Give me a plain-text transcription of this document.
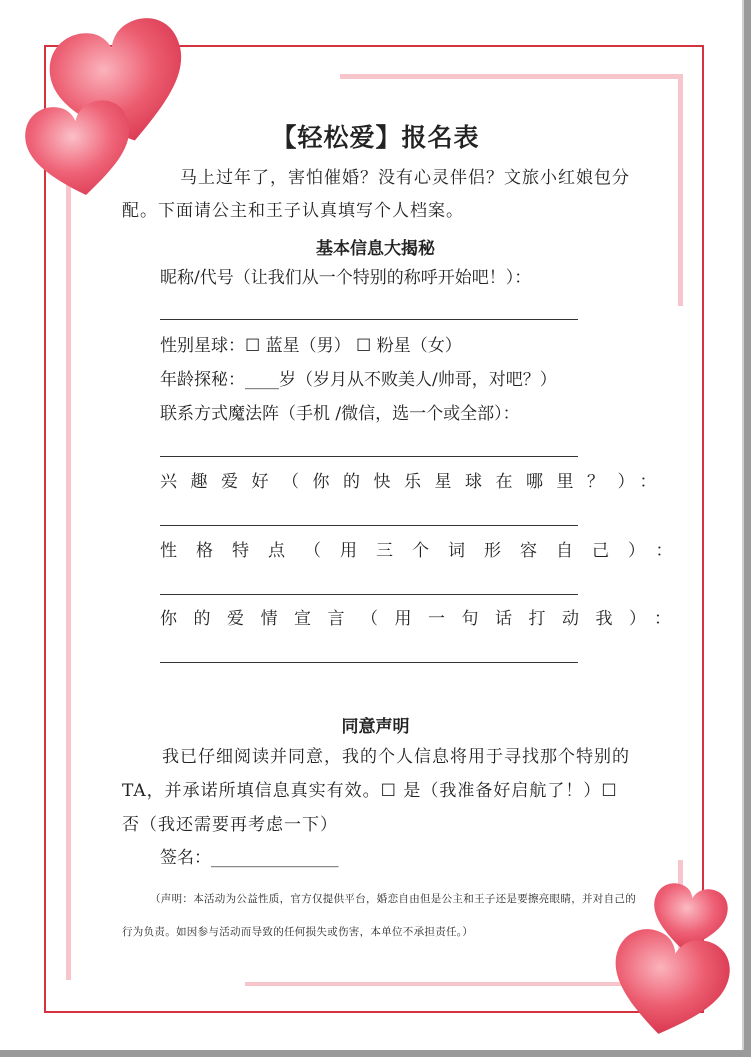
【轻松爱】报名表
马上过年了，害怕催婚？没有心灵伴侣？文旅小红娘包分配。下面请公主和王子认真填写个人档案。
基本信息大揭秘
昵称/代号（让我们从一个特别的称呼开始吧！）：
性别星球：☐ 蓝星（男） ☐ 粉星（女）
年龄探秘：____岁（岁月从不败美人/帅哥，对吧？）
联系方式魔法阵（手机 /微信，选一个或全部）：
兴趣爱好（你的快乐星球在哪里？）：
性格特点（用三个词形容自己）：
你的爱情宣言（用一句话打动我）：
同意声明
我已仔细阅读并同意，我的个人信息将用于寻找那个特别的TA，并承诺所填信息真实有效。☐ 是（我准备好启航了！）☐ 否（我还需要再考虑一下）
签名：_______________
（声明：本活动为公益性质，官方仅提供平台，婚恋自由但是公主和王子还是要擦亮眼睛，并对自己的行为负责。如因参与活动而导致的任何损失或伤害，本单位不承担责任。）
